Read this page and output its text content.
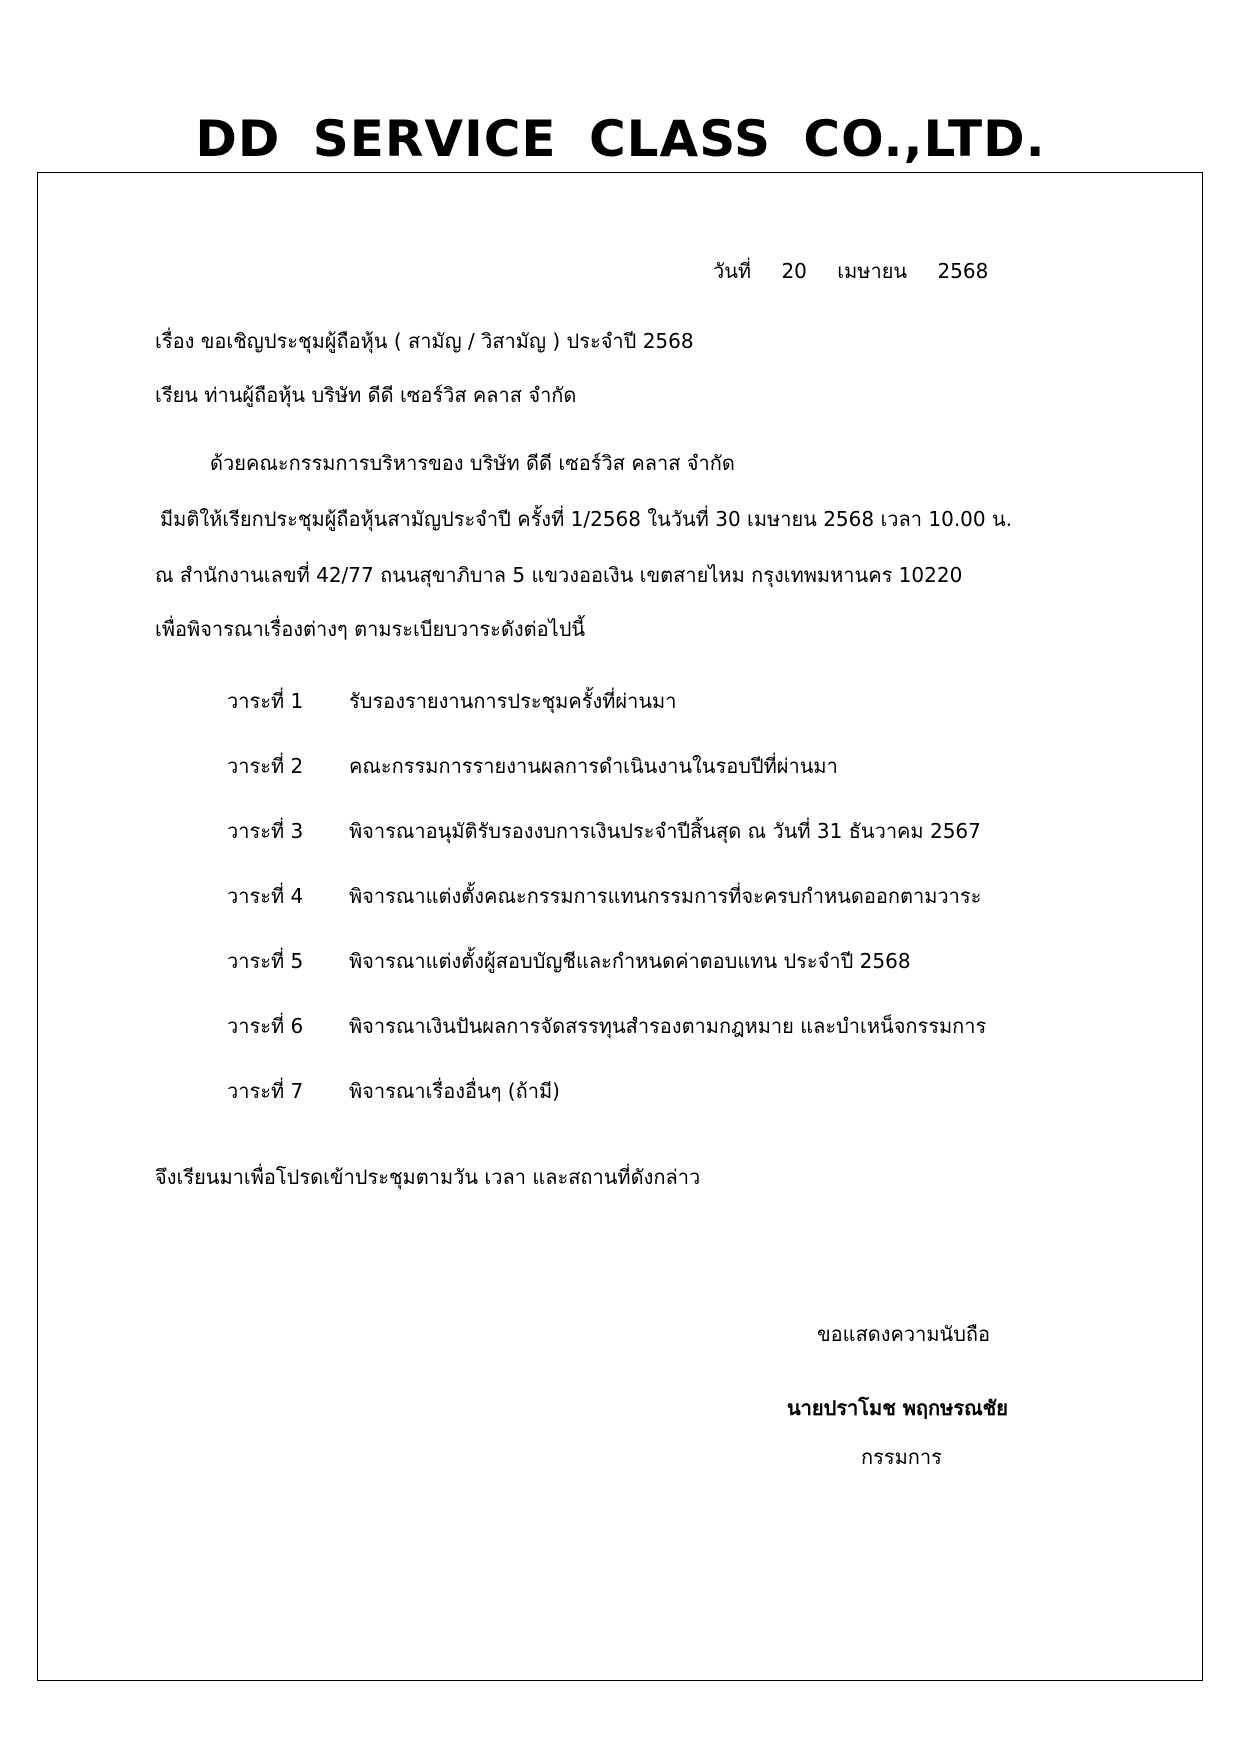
DD SERVICE CLASS CO.,LTD.
วันที่ 20 เมษายน 2568
เรื่อง ขอเชิญประชุมผู้ถือหุ้น ( สามัญ / วิสามัญ ) ประจำปี 2568
เรียน ท่านผู้ถือหุ้น บริษัท ดีดี เซอร์วิส คลาส จำกัด
ด้วยคณะกรรมการบริหารของ บริษัท ดีดี เซอร์วิส คลาส จำกัด
มีมติให้เรียกประชุมผู้ถือหุ้นสามัญประจำปี ครั้งที่ 1/2568 ในวันที่ 30 เมษายน 2568 เวลา 10.00 น.
ณ สำนักงานเลขที่ 42/77 ถนนสุขาภิบาล 5 แขวงออเงิน เขตสายไหม กรุงเทพมหานคร 10220
เพื่อพิจารณาเรื่องต่างๆ ตามระเบียบวาระดังต่อไปนี้
วาระที่ 1 รับรองรายงานการประชุมครั้งที่ผ่านมา
วาระที่ 2 คณะกรรมการรายงานผลการดำเนินงานในรอบปีที่ผ่านมา
วาระที่ 3 พิจารณาอนุมัติรับรองงบการเงินประจำปีสิ้นสุด ณ วันที่ 31 ธันวาคม 2567
วาระที่ 4 พิจารณาแต่งตั้งคณะกรรมการแทนกรรมการที่จะครบกำหนดออกตามวาระ
วาระที่ 5 พิจารณาแต่งตั้งผู้สอบบัญชีและกำหนดค่าตอบแทน ประจำปี 2568
วาระที่ 6 พิจารณาเงินปันผลการจัดสรรทุนสำรองตามกฎหมาย และบำเหน็จกรรมการ
วาระที่ 7 พิจารณาเรื่องอื่นๆ (ถ้ามี)
จึงเรียนมาเพื่อโปรดเข้าประชุมตามวัน เวลา และสถานที่ดังกล่าว
ขอแสดงความนับถือ
นายปราโมช พฤกษรณชัย
กรรมการ
